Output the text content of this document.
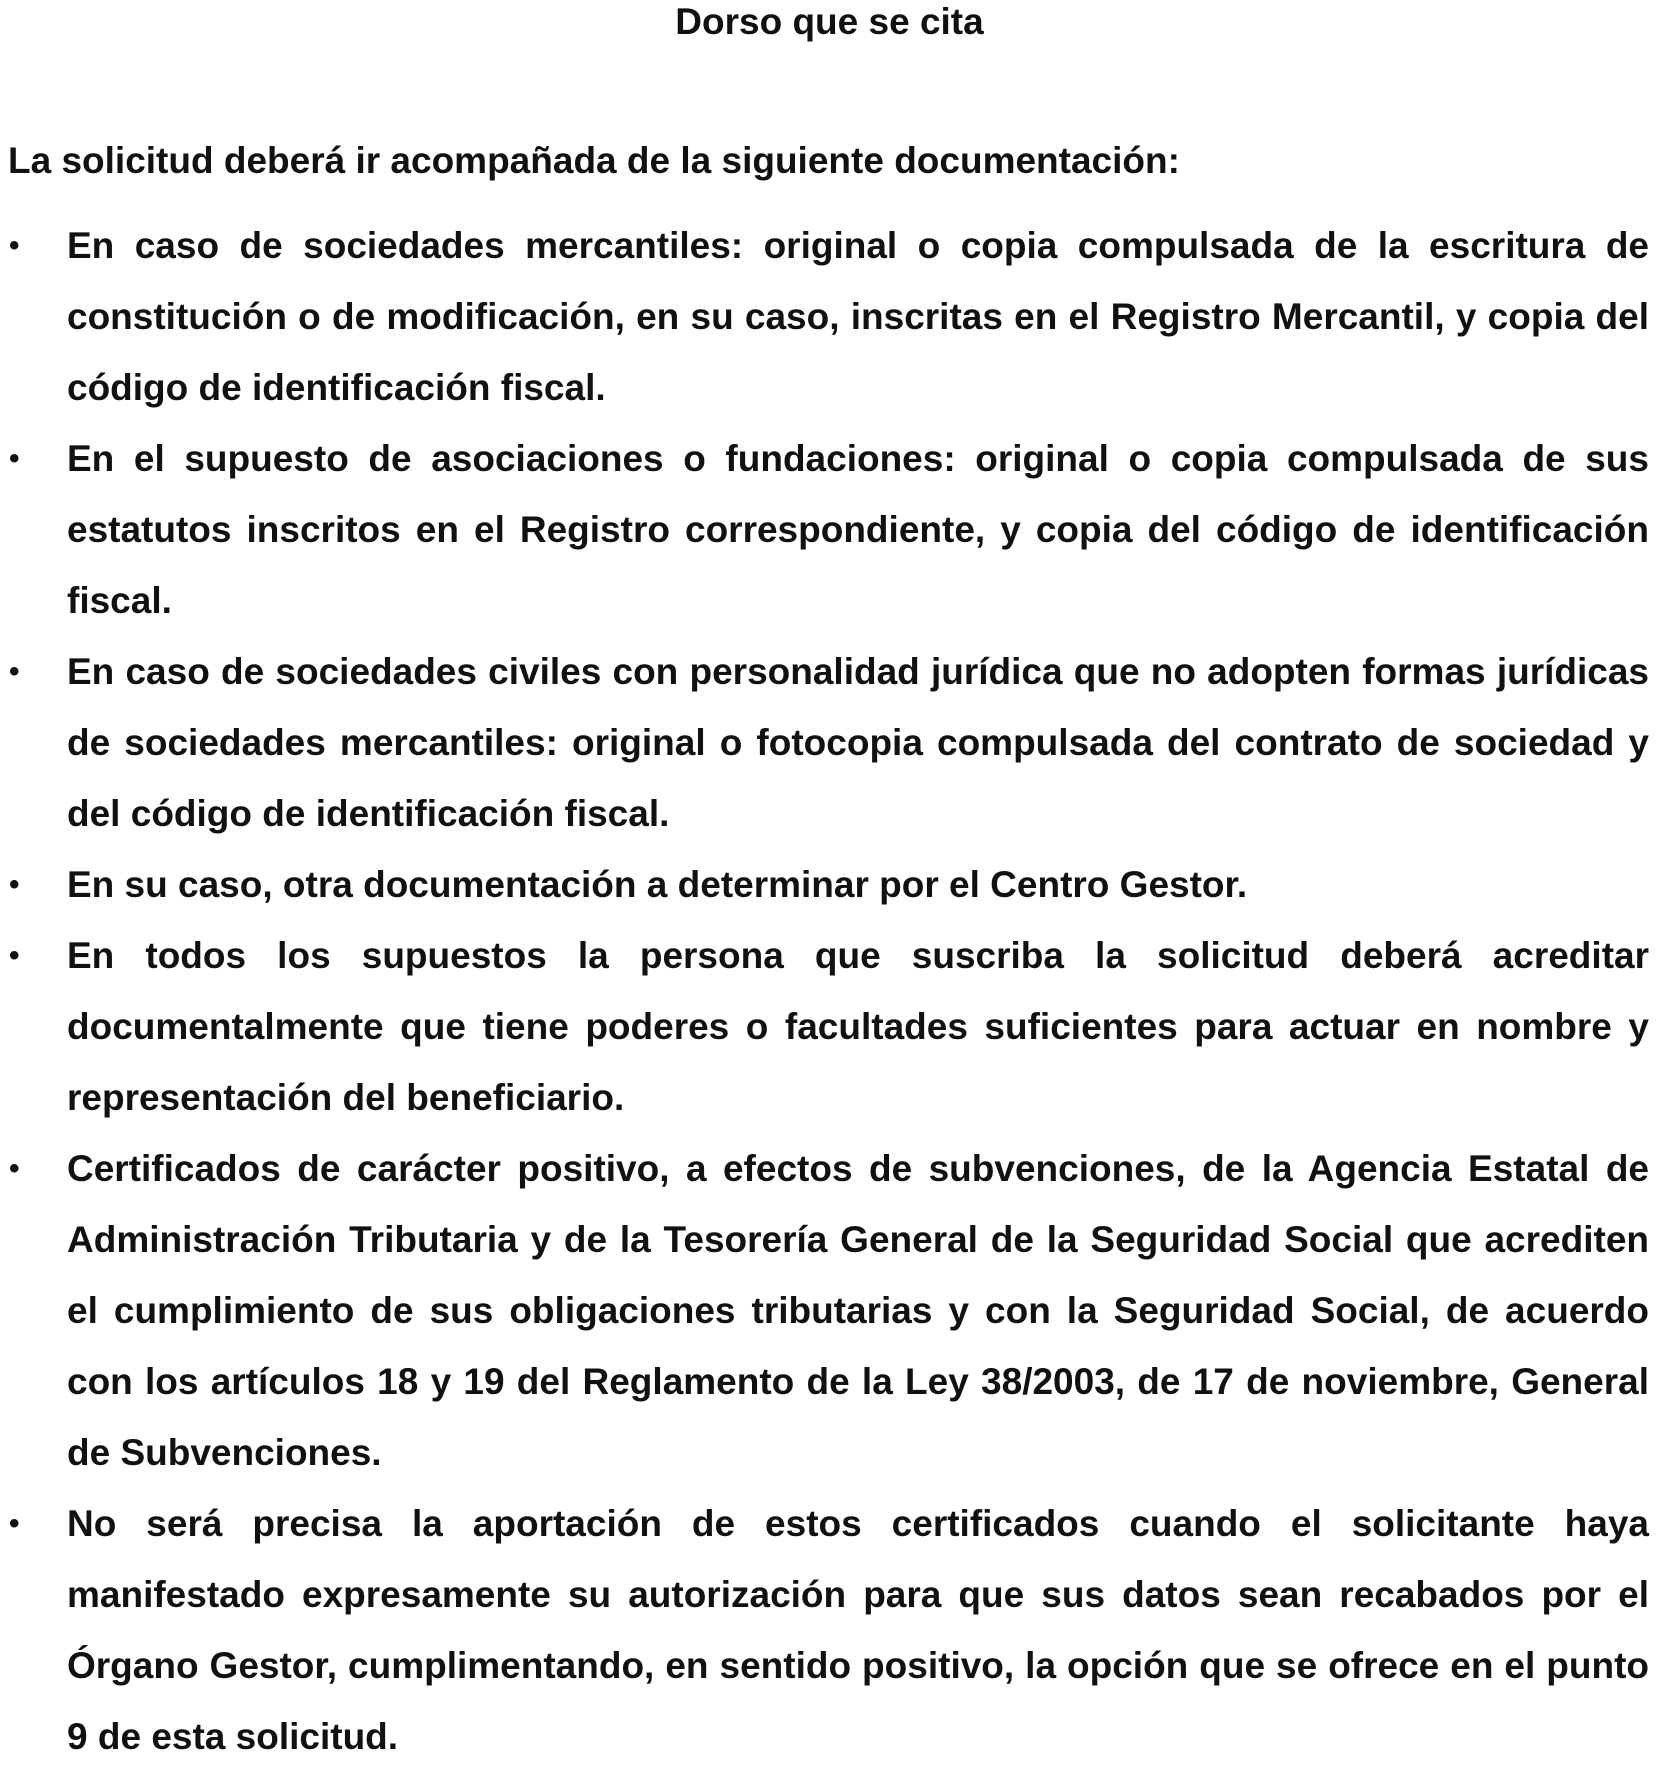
Dorso que se cita

La solicitud deberá ir acompañada de la siguiente documentación:

• En caso de sociedades mercantiles: original o copia compulsada de la escritura de constitución o de modificación, en su caso, inscritas en el Registro Mercantil, y copia del código de identificación fiscal.
• En el supuesto de asociaciones o fundaciones: original o copia compulsada de sus estatutos inscritos en el Registro correspondiente, y copia del código de identificación fiscal.
• En caso de sociedades civiles con personalidad jurídica que no adopten formas jurídicas de sociedades mercantiles: original o fotocopia compulsada del contrato de sociedad y del código de identificación fiscal.
• En su caso, otra documentación a determinar por el Centro Gestor.
• En todos los supuestos la persona que suscriba la solicitud deberá acreditar documentalmente que tiene poderes o facultades suficientes para actuar en nombre y representación del beneficiario.
• Certificados de carácter positivo, a efectos de subvenciones, de la Agencia Estatal de Administración Tributaria y de la Tesorería General de la Seguridad Social que acrediten el cumplimiento de sus obligaciones tributarias y con la Seguridad Social, de acuerdo con los artículos 18 y 19 del Reglamento de la Ley 38/2003, de 17 de noviembre, General de Subvenciones.
• No será precisa la aportación de estos certificados cuando el solicitante haya manifestado expresamente su autorización para que sus datos sean recabados por el Órgano Gestor, cumplimentando, en sentido positivo, la opción que se ofrece en el punto 9 de esta solicitud.
